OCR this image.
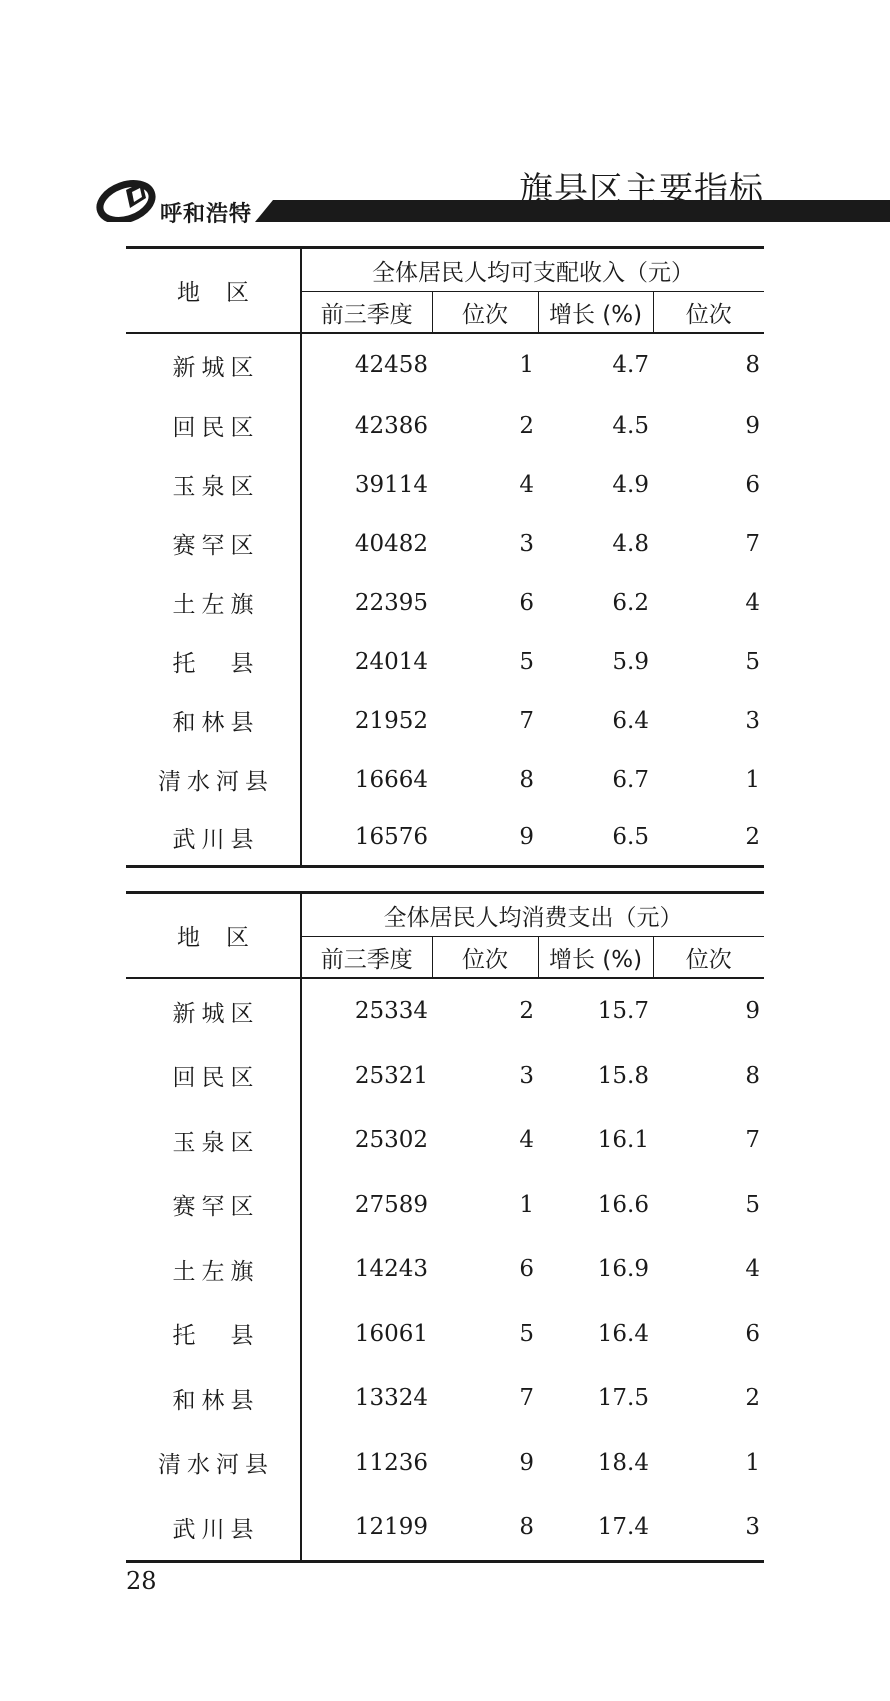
呼和浩特
旗县区主要指标
地区	全体居民人均可支配收入（元）			
	前三季度	位次	增长 (%)	位次
新城区	42458	1	4.7	8
回民区	42386	2	4.5	9
玉泉区	39114	4	4.9	6
赛罕区	40482	3	4.8	7
土左旗	22395	6	6.2	4
托　县	24014	5	5.9	5
和林县	21952	7	6.4	3
清水河县	16664	8	6.7	1
武川县	16576	9	6.5	2
地区	全体居民人均消费支出（元）			
	前三季度	位次	增长 (%)	位次
新城区	25334	2	15.7	9
回民区	25321	3	15.8	8
玉泉区	25302	4	16.1	7
赛罕区	27589	1	16.6	5
土左旗	14243	6	16.9	4
托　县	16061	5	16.4	6
和林县	13324	7	17.5	2
清水河县	11236	9	18.4	1
武川县	12199	8	17.4	3
28
